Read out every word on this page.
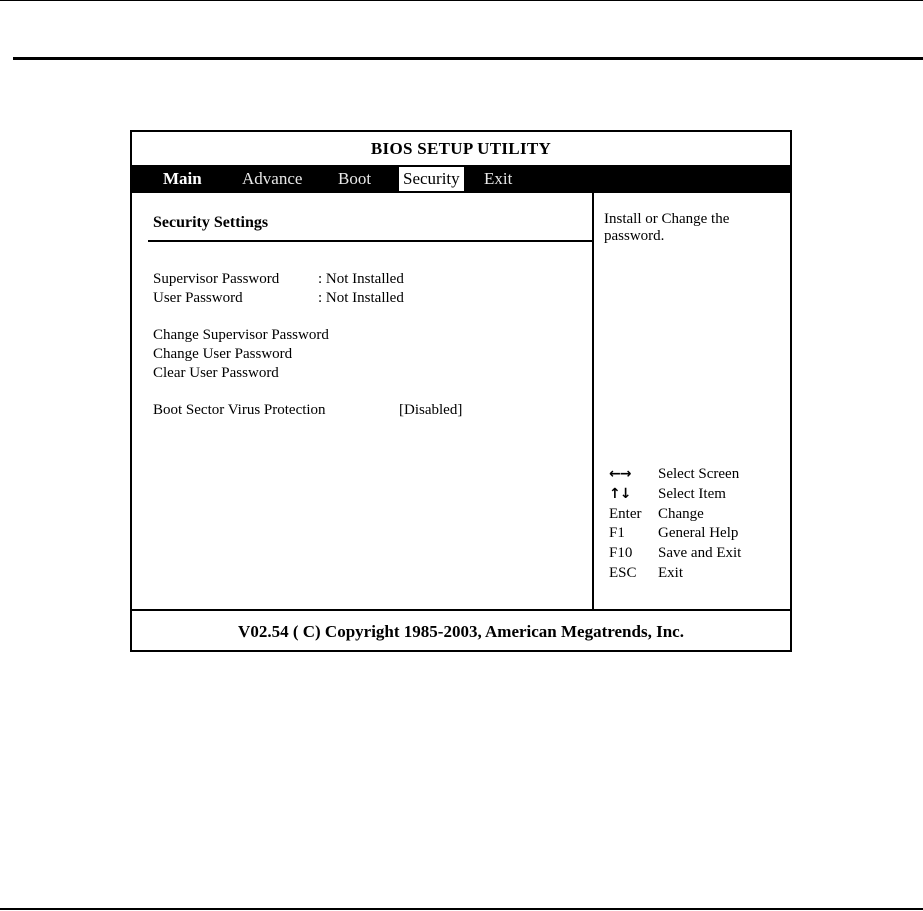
BIOS SETUP UTILITY
Main Advance Boot Security Exit
Security Settings
Supervisor Password	: Not Installed
User Password	: Not Installed
Change Supervisor Password
Change User Password
Clear User Password
Boot Sector Virus Protection	[Disabled]
Install or Change the password.
←→ Select Screen
↑↓ Select Item
Enter Change
F1 General Help
F10 Save and Exit
ESC Exit
V02.54 ( C) Copyright 1985-2003, American Megatrends, Inc.
